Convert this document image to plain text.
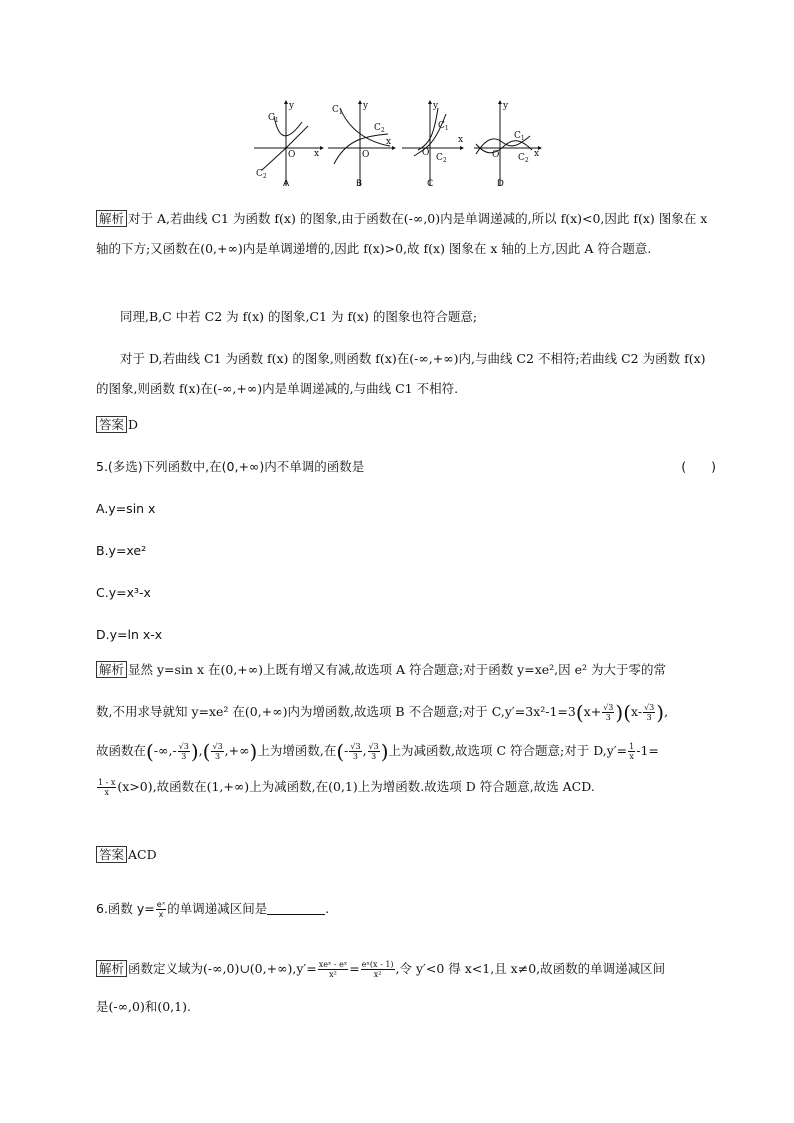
y
x
O
$C_1$
$C_2$
A
y
x
O
$C_1$
$C_2$
B
y
x
O
$C_1$
$C_2$
C
y
x
O
$C_1$
$C_2$
D
解析 对于 A,若曲线 C1 为函数 f(x) 的图象,由于函数在(-∞,0)内是单调递减的,所以 f(x)<0,因此 f(x) 图象在 x 轴的下方;又函数在(0,+∞)内是单调递增的,因此 f(x)>0,故 f(x) 图象在 x 轴的上方,因此 A 符合题意.
同理,B,C 中若 C2 为 f(x) 的图象,C1 为 f(x) 的图象也符合题意;
对于 D,若曲线 C1 为函数 f(x) 的图象,则函数 f(x)在(-∞,+∞)内,与曲线 C2 不相符;若曲线 C2 为函数 f(x) 的图象,则函数 f(x)在(-∞,+∞)内是单调递减的,与曲线 C1 不相符.
答案 D
5.(多选)下列函数中,在(0,+∞)内不单调的函数是	(　　)
A.y=sin x
B.y=xe²
C.y=x³-x
D.y=ln x-x
解析 显然 y=sin x 在(0,+∞)上既有增又有减,故选项 A 符合题意;对于函数 y=xe²,因 e² 为大于零的常
数,不用求导就知 y=xe² 在(0,+∞)内为增函数,故选项 B 不合题意;对于 $C,y'=3x^2-1=3(x+ \frac{√3}{3} )(x- \frac{√3}{3}$ ),
故函数在(-∞,- $\frac{√3}{3}$ ),( $\frac{√3}{3}$ ,+∞)上为增函数,在(- $\frac{√3}{3}$ , $\frac{√3}{3}$ )上为减函数,故选项 C 符合题意;对于 $D,y'= \frac{1}{x} -1=$
$\frac{1 - x}{x} (x>0)$,故函数在(1,+∞)上为减函数,在(0,1)上为增函数.故选项 D 符合题意,故选 ACD.
答案 ACD
6.函数 $y= \frac{\text{eˣ}}{x}$ 的单调递减区间是	.
解析 函数定义域为(-∞,0)∪(0,+∞),y′= $\frac{\text{xeˣ - eˣ}}{\text{x²}} = \frac{\text{eˣ(x - 1)}}{\text{x²}}$ ,令 y′<0 得 x<1,且 x≠0,故函数的单调递减区间
是(-∞,0)和(0,1).
